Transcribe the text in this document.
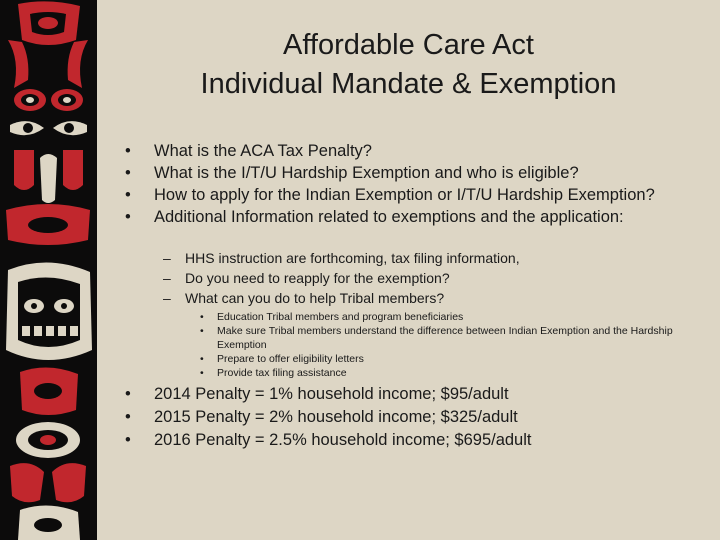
Affordable Care Act
Individual Mandate & Exemption
• What is the ACA Tax Penalty?
• What is the I/T/U Hardship Exemption and who is eligible?
• How to apply for the Indian Exemption or I/T/U Hardship Exemption?
• Additional Information related to exemptions and the application:
– HHS instruction are forthcoming, tax filing information,
– Do you need to reapply for the exemption?
– What can you do to help Tribal members?
• Education Tribal members and program beneficiaries
• Make sure Tribal members understand the difference between Indian Exemption and the Hardship Exemption
• Prepare to offer eligibility letters
• Provide tax filing assistance
• 2014 Penalty = 1% household income; $95/adult
• 2015 Penalty = 2% household income; $325/adult
• 2016 Penalty = 2.5% household income; $695/adult
